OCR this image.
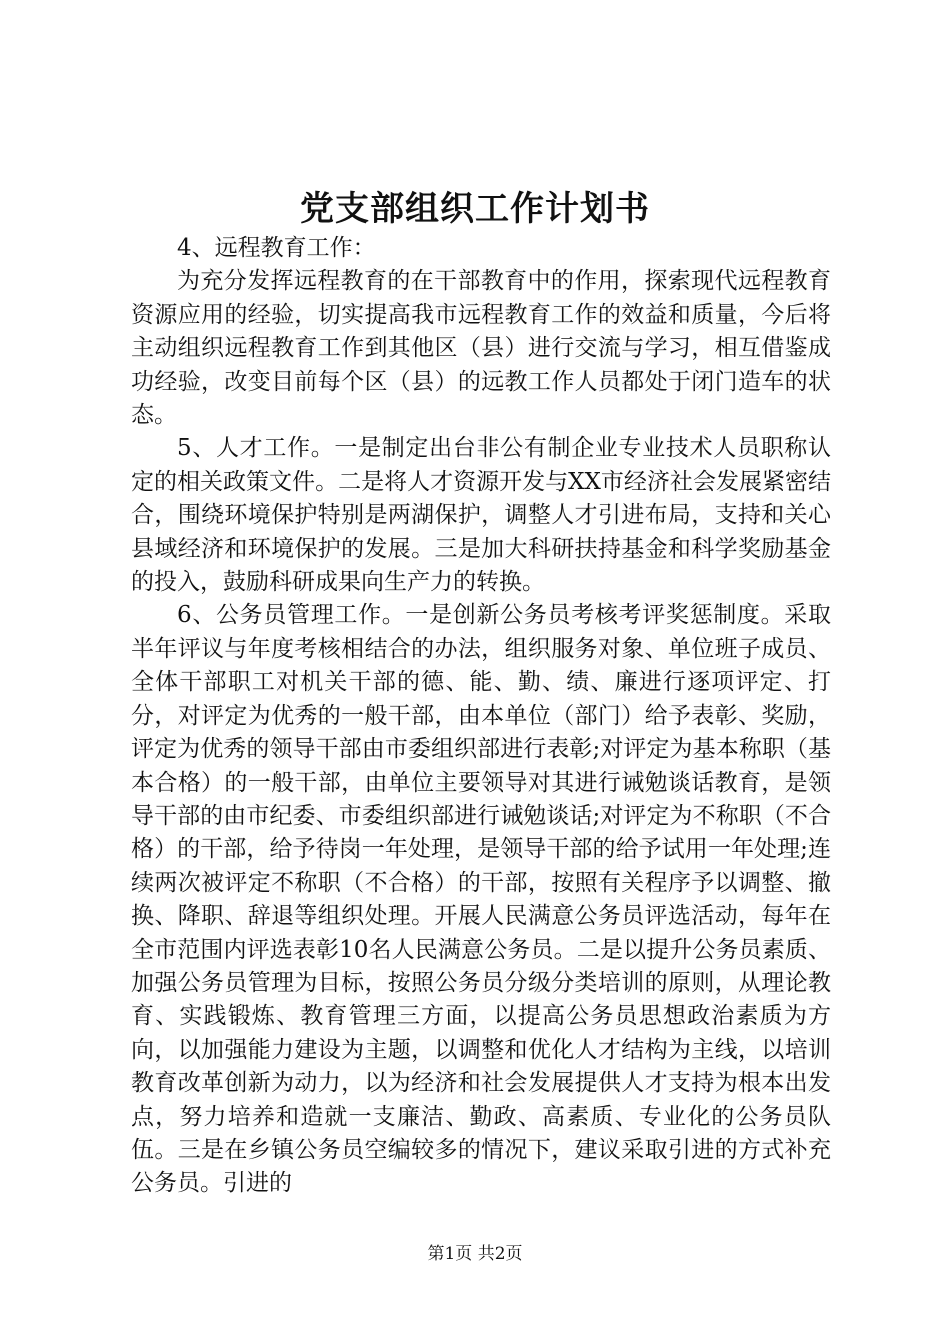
党支部组织工作计划书

4、远程教育工作：

为充分发挥远程教育的在干部教育中的作用，探索现代远程教育资源应用的经验，切实提高我市远程教育工作的效益和质量，今后将主动组织远程教育工作到其他区（县）进行交流与学习，相互借鉴成功经验，改变目前每个区（县）的远教工作人员都处于闭门造车的状态。

5、人才工作。一是制定出台非公有制企业专业技术人员职称认定的相关政策文件。二是将人才资源开发与XX市经济社会发展紧密结合，围绕环境保护特别是两湖保护，调整人才引进布局，支持和关心县域经济和环境保护的发展。三是加大科研扶持基金和科学奖励基金的投入，鼓励科研成果向生产力的转换。

6、公务员管理工作。一是创新公务员考核考评奖惩制度。采取半年评议与年度考核相结合的办法，组织服务对象、单位班子成员、全体干部职工对机关干部的德、能、勤、绩、廉进行逐项评定、打分，对评定为优秀的一般干部，由本单位（部门）给予表彰、奖励，评定为优秀的领导干部由市委组织部进行表彰;对评定为基本称职（基本合格）的一般干部，由单位主要领导对其进行诫勉谈话教育，是领导干部的由市纪委、市委组织部进行诫勉谈话;对评定为不称职（不合格）的干部，给予待岗一年处理，是领导干部的给予试用一年处理;连续两次被评定不称职（不合格）的干部，按照有关程序予以调整、撤换、降职、辞退等组织处理。开展人民满意公务员评选活动，每年在全市范围内评选表彰10名人民满意公务员。二是以提升公务员素质、加强公务员管理为目标，按照公务员分级分类培训的原则，从理论教育、实践锻炼、教育管理三方面，以提高公务员思想政治素质为方向，以加强能力建设为主题，以调整和优化人才结构为主线，以培训教育改革创新为动力，以为经济和社会发展提供人才支持为根本出发点，努力培养和造就一支廉洁、勤政、高素质、专业化的公务员队伍。三是在乡镇公务员空编较多的情况下，建议采取引进的方式补充公务员。引进的

第1页 共2页
